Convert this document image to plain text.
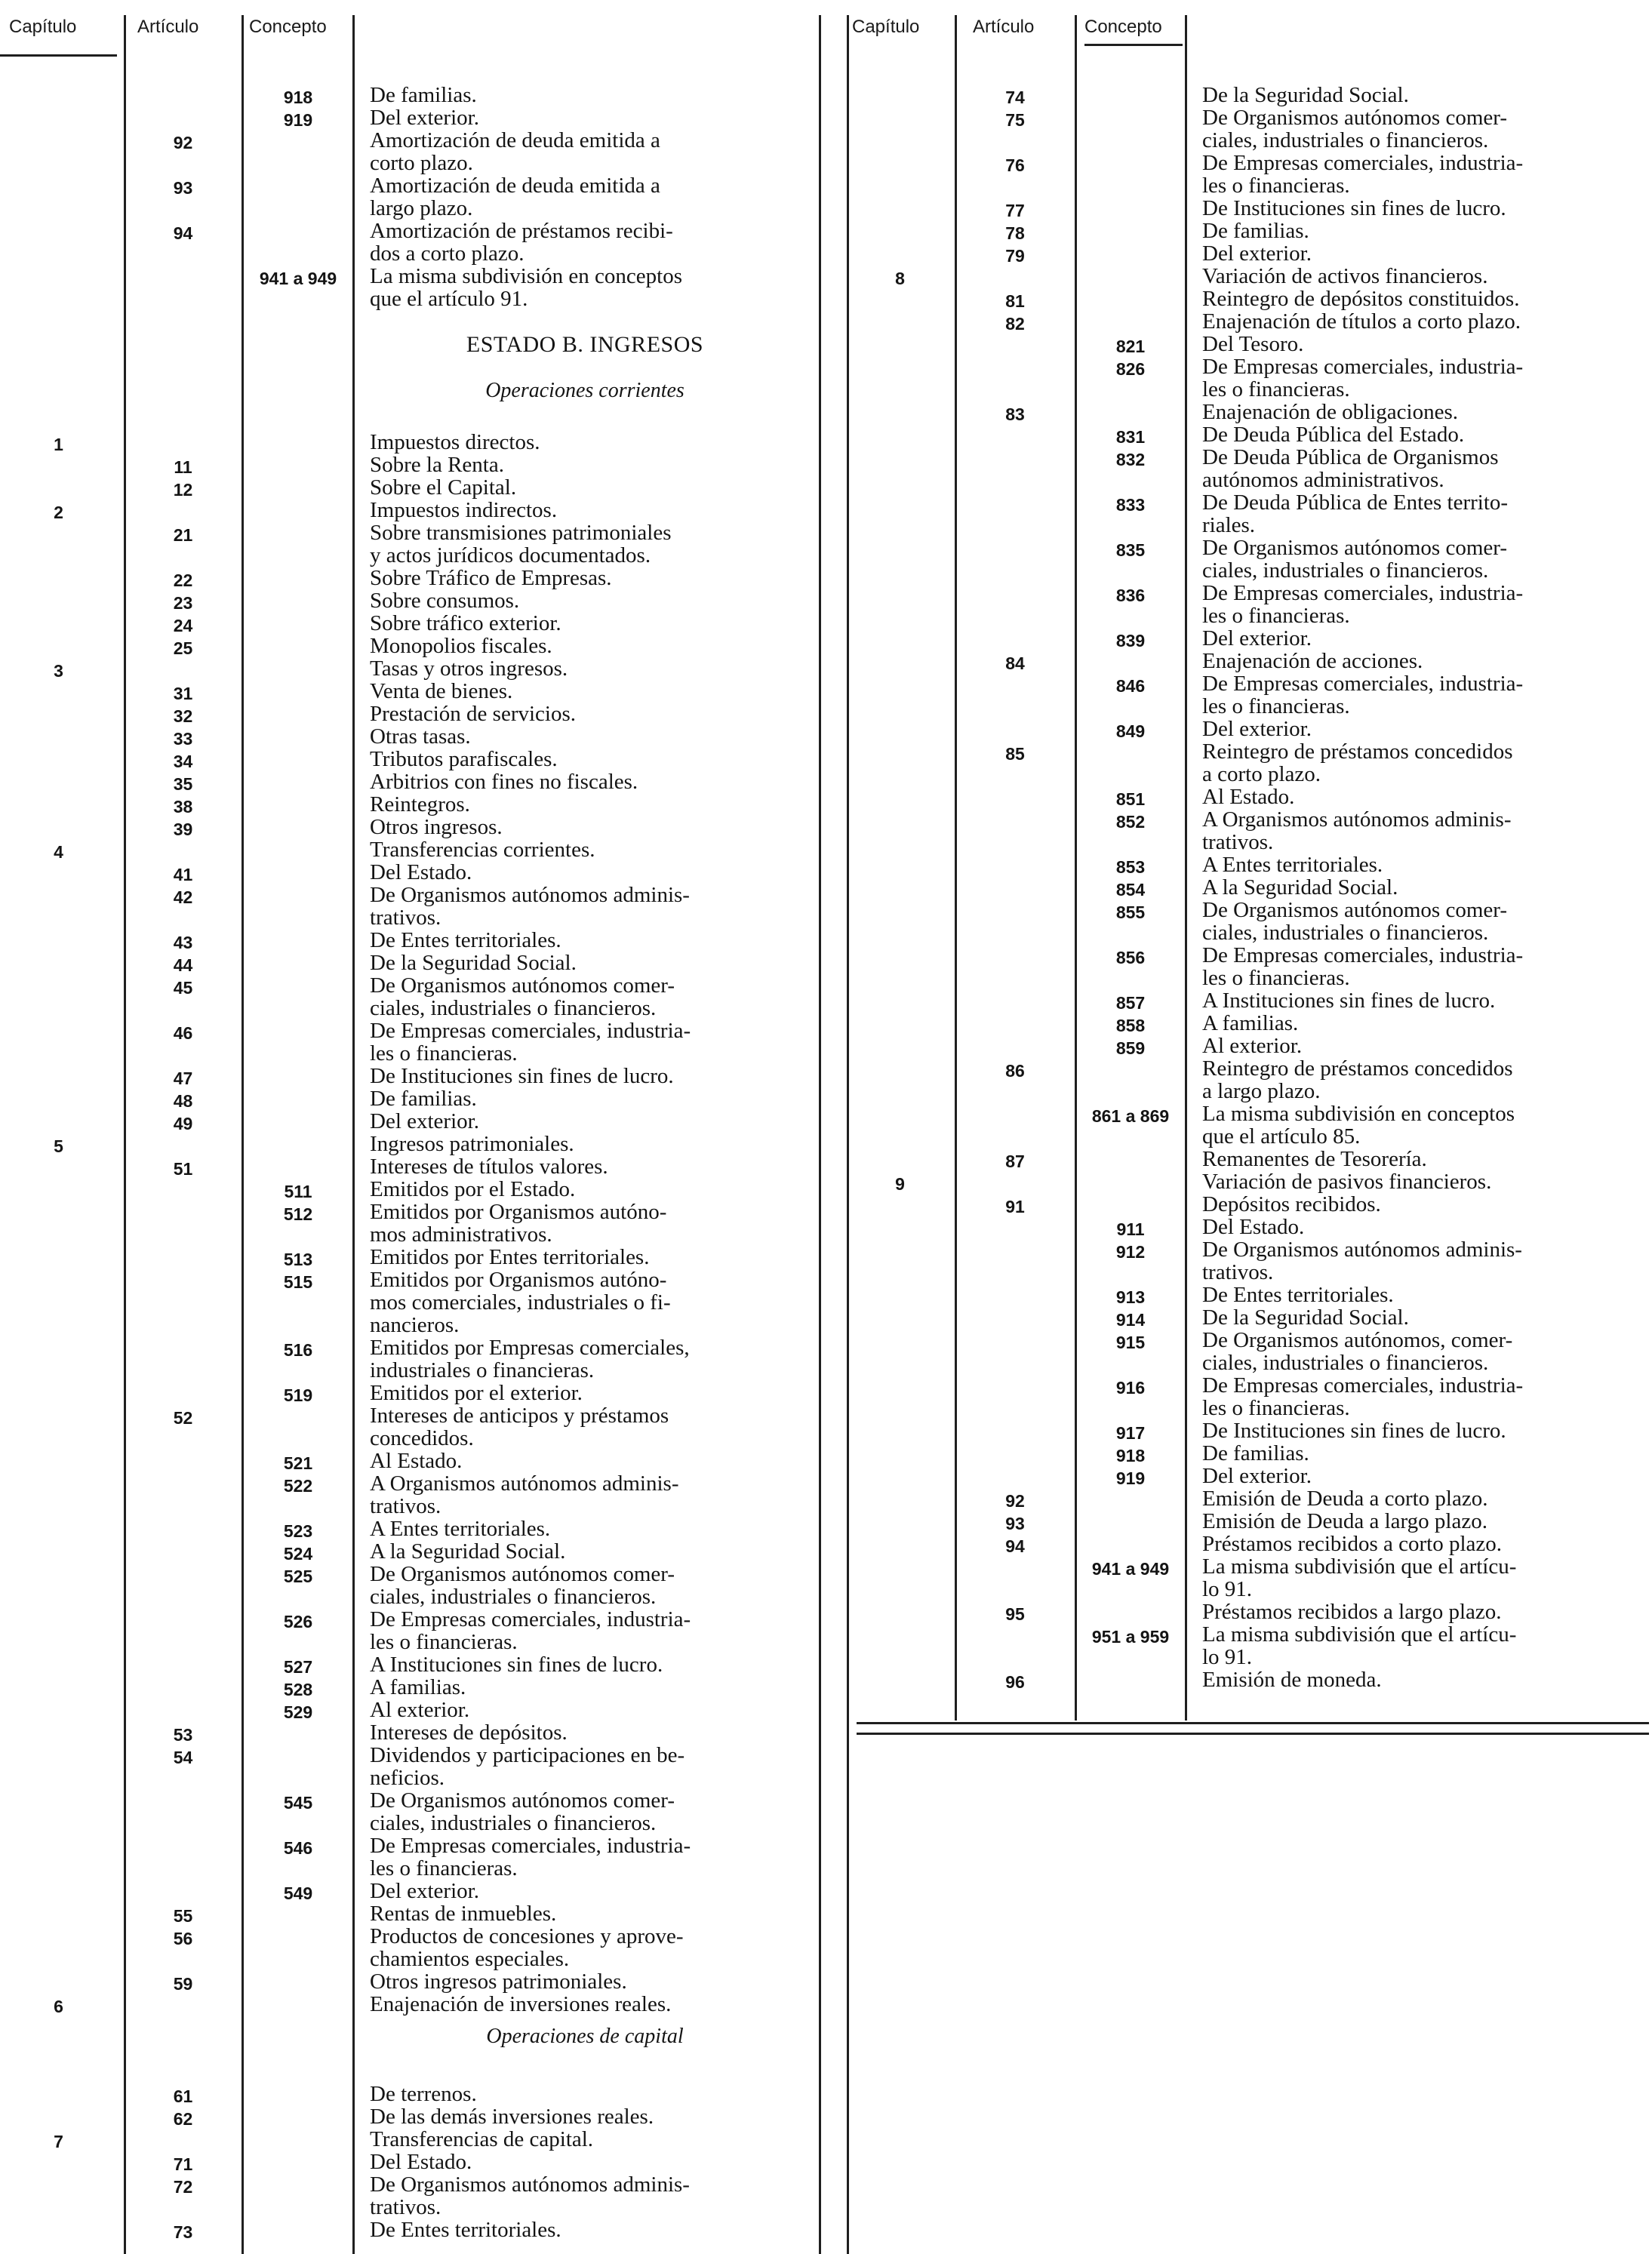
Capítulo	Artículo	Concepto
ESTADO B. INGRESOS
Operaciones corrientes
Operaciones de capital
918	De familias.
919	Del exterior.
92	Amortización de deuda emitida a
corto plazo.
93	Amortización de deuda emitida a
largo plazo.
94	Amortización de préstamos recibi-
dos a corto plazo.
941 a 949	La misma subdivisión en conceptos
que el artículo 91.
1	Impuestos directos.
11	Sobre la Renta.
12	Sobre el Capital.
2	Impuestos indirectos.
21	Sobre transmisiones patrimoniales
y actos jurídicos documentados.
22	Sobre Tráfico de Empresas.
23	Sobre consumos.
24	Sobre tráfico exterior.
25	Monopolios fiscales.
3	Tasas y otros ingresos.
31	Venta de bienes.
32	Prestación de servicios.
33	Otras tasas.
34	Tributos parafiscales.
35	Arbitrios con fines no fiscales.
38	Reintegros.
39	Otros ingresos.
4	Transferencias corrientes.
41	Del Estado.
42	De Organismos autónomos adminis-
trativos.
43	De Entes territoriales.
44	De la Seguridad Social.
45	De Organismos autónomos comer-
ciales, industriales o financieros.
46	De Empresas comerciales, industria-
les o financieras.
47	De Instituciones sin fines de lucro.
48	De familias.
49	Del exterior.
5	Ingresos patrimoniales.
51	Intereses de títulos valores.
511	Emitidos por el Estado.
512	Emitidos por Organismos autóno-
mos administrativos.
513	Emitidos por Entes territoriales.
515	Emitidos por Organismos autóno-
mos comerciales, industriales o fi-
nancieros.
516	Emitidos por Empresas comerciales,
industriales o financieras.
519	Emitidos por el exterior.
52	Intereses de anticipos y préstamos
concedidos.
521	Al Estado.
522	A Organismos autónomos adminis-
trativos.
523	A Entes territoriales.
524	A la Seguridad Social.
525	De Organismos autónomos comer-
ciales, industriales o financieros.
526	De Empresas comerciales, industria-
les o financieras.
527	A Instituciones sin fines de lucro.
528	A familias.
529	Al exterior.
53	Intereses de depósitos.
54	Dividendos y participaciones en be-
neficios.
545	De Organismos autónomos comer-
ciales, industriales o financieros.
546	De Empresas comerciales, industria-
les o financieras.
549	Del exterior.
55	Rentas de inmuebles.
56	Productos de concesiones y aprove-
chamientos especiales.
59	Otros ingresos patrimoniales.
6	Enajenación de inversiones reales.
61	De terrenos.
62	De las demás inversiones reales.
7	Transferencias de capital.
71	Del Estado.
72	De Organismos autónomos adminis-
trativos.
73	De Entes territoriales.
Capítulo	Artículo	Concepto
74	De la Seguridad Social.
75	De Organismos autónomos comer-
ciales, industriales o financieros.
76	De Empresas comerciales, industria-
les o financieras.
77	De Instituciones sin fines de lucro.
78	De familias.
79	Del exterior.
8	Variación de activos financieros.
81	Reintegro de depósitos constituidos.
82	Enajenación de títulos a corto plazo.
821	Del Tesoro.
826	De Empresas comerciales, industria-
les o financieras.
83	Enajenación de obligaciones.
831	De Deuda Pública del Estado.
832	De Deuda Pública de Organismos
autónomos administrativos.
833	De Deuda Pública de Entes territo-
riales.
835	De Organismos autónomos comer-
ciales, industriales o financieros.
836	De Empresas comerciales, industria-
les o financieras.
839	Del exterior.
84	Enajenación de acciones.
846	De Empresas comerciales, industria-
les o financieras.
849	Del exterior.
85	Reintegro de préstamos concedidos
a corto plazo.
851	Al Estado.
852	A Organismos autónomos adminis-
trativos.
853	A Entes territoriales.
854	A la Seguridad Social.
855	De Organismos autónomos comer-
ciales, industriales o financieros.
856	De Empresas comerciales, industria-
les o financieras.
857	A Instituciones sin fines de lucro.
858	A familias.
859	Al exterior.
86	Reintegro de préstamos concedidos
a largo plazo.
861 a 869	La misma subdivisión en conceptos
que el artículo 85.
87	Remanentes de Tesorería.
9	Variación de pasivos financieros.
91	Depósitos recibidos.
911	Del Estado.
912	De Organismos autónomos adminis-
trativos.
913	De Entes territoriales.
914	De la Seguridad Social.
915	De Organismos autónomos, comer-
ciales, industriales o financieros.
916	De Empresas comerciales, industria-
les o financieras.
917	De Instituciones sin fines de lucro.
918	De familias.
919	Del exterior.
92	Emisión de Deuda a corto plazo.
93	Emisión de Deuda a largo plazo.
94	Préstamos recibidos a corto plazo.
941 a 949	La misma subdivisión que el artícu-
lo 91.
95	Préstamos recibidos a largo plazo.
951 a 959	La misma subdivisión que el artícu-
lo 91.
96	Emisión de moneda.
